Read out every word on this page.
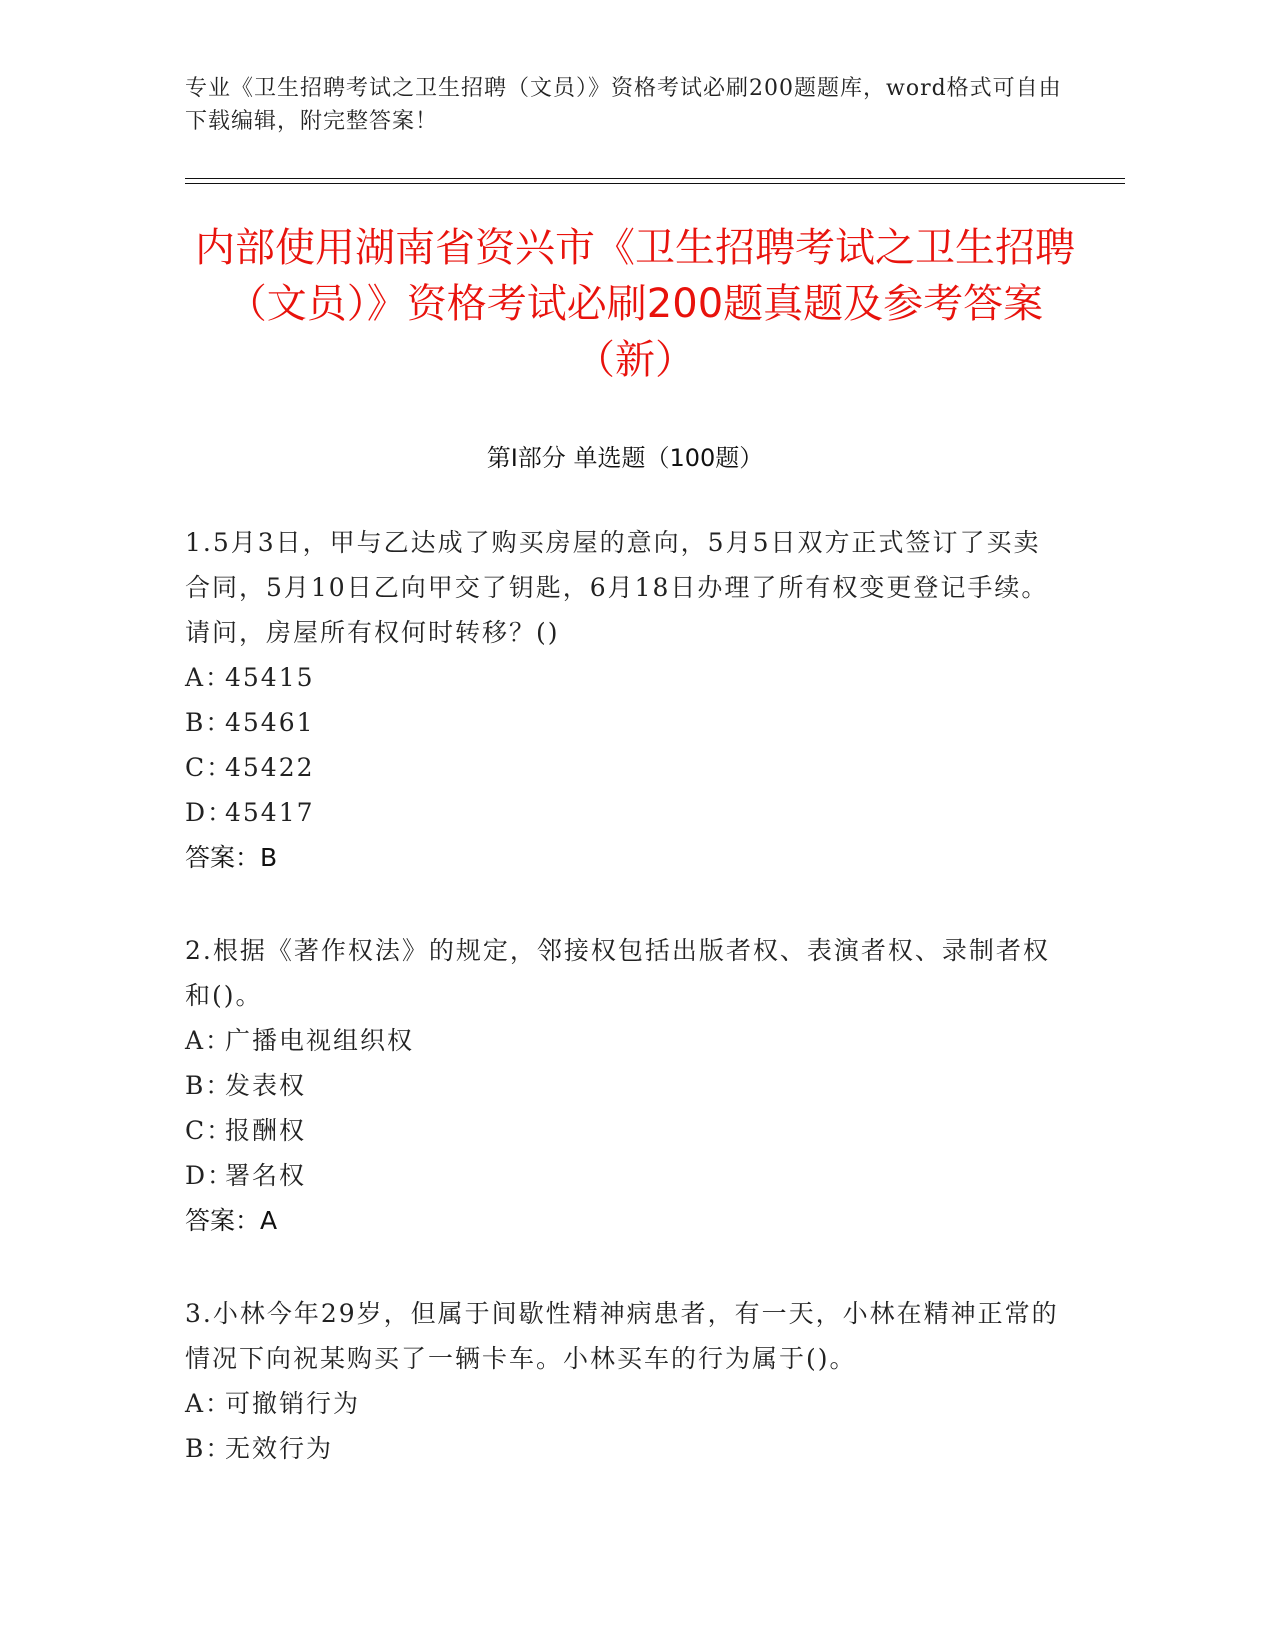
专业《卫生招聘考试之卫生招聘（文员）》资格考试必刷200题题库，word格式可自由下载编辑，附完整答案！
内部使用湖南省资兴市《卫生招聘考试之卫生招聘（文员）》资格考试必刷200题真题及参考答案（新）
第Ⅰ部分 单选题（100题）
1.5月3日，甲与乙达成了购买房屋的意向，5月5日双方正式签订了买卖合同，5月10日乙向甲交了钥匙，6月18日办理了所有权变更登记手续。请问，房屋所有权何时转移？()
A：
45415
B：
45461
C：
45422
D：
45417
答案：B
2.根据《著作权法》的规定，邻接权包括出版者权、表演者权、录制者权和()。
A：
广播电视组织权
B：
发表权
C：
报酬权
D：
署名权
答案：A
3.小林今年29岁，但属于间歇性精神病患者，有一天，小林在精神正常的情况下向祝某购买了一辆卡车。小林买车的行为属于()。
A：
可撤销行为
B：
无效行为
